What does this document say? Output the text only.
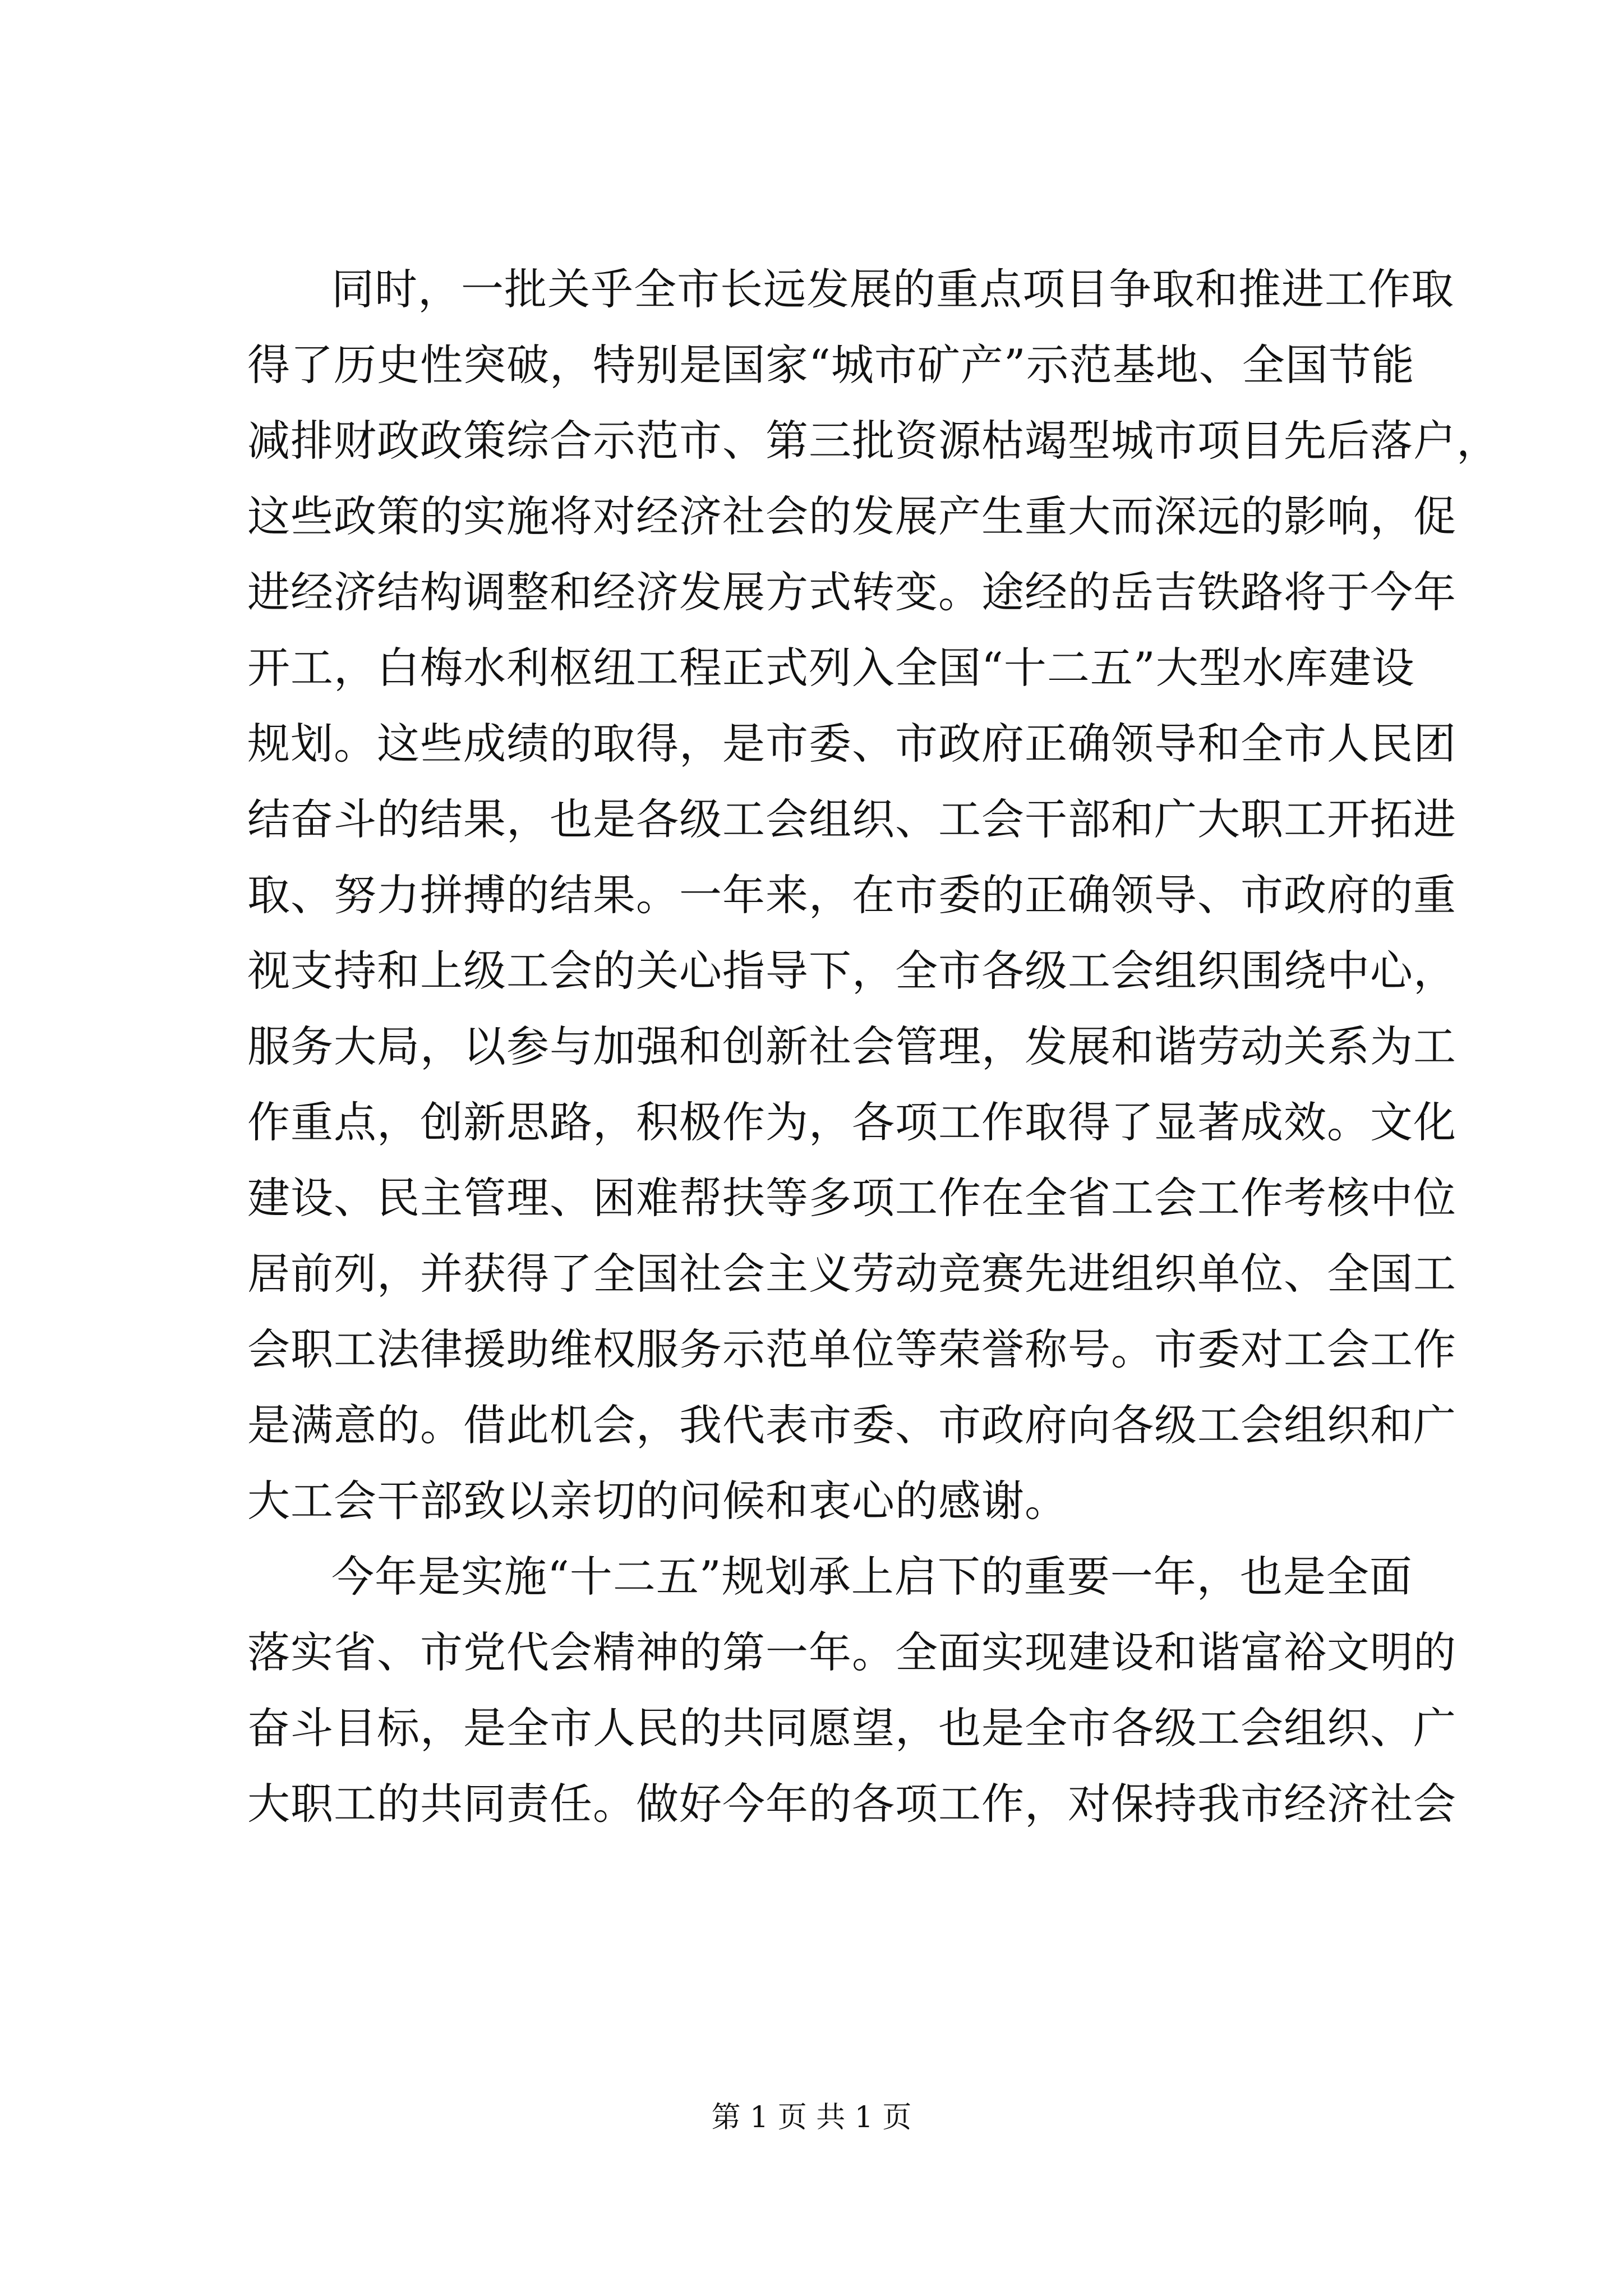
同时，一批关乎全市长远发展的重点项目争取和推进工作取
得了历史性突破，特别是国家“城市矿产”示范基地、全国节能
减排财政政策综合示范市、第三批资源枯竭型城市项目先后落户，
这些政策的实施将对经济社会的发展产生重大而深远的影响，促
进经济结构调整和经济发展方式转变。途经的岳吉铁路将于今年
开工，白梅水利枢纽工程正式列入全国“十二五”大型水库建设
规划。这些成绩的取得，是市委、市政府正确领导和全市人民团
结奋斗的结果，也是各级工会组织、工会干部和广大职工开拓进
取、努力拼搏的结果。一年来，在市委的正确领导、市政府的重
视支持和上级工会的关心指导下，全市各级工会组织围绕中心，
服务大局，以参与加强和创新社会管理，发展和谐劳动关系为工
作重点，创新思路，积极作为，各项工作取得了显著成效。文化
建设、民主管理、困难帮扶等多项工作在全省工会工作考核中位
居前列，并获得了全国社会主义劳动竞赛先进组织单位、全国工
会职工法律援助维权服务示范单位等荣誉称号。市委对工会工作
是满意的。借此机会，我代表市委、市政府向各级工会组织和广
大工会干部致以亲切的问候和衷心的感谢。
今年是实施“十二五”规划承上启下的重要一年，也是全面
落实省、市党代会精神的第一年。全面实现建设和谐富裕文明的
奋斗目标，是全市人民的共同愿望，也是全市各级工会组织、广
大职工的共同责任。做好今年的各项工作，对保持我市经济社会
第 1 页 共 1 页
